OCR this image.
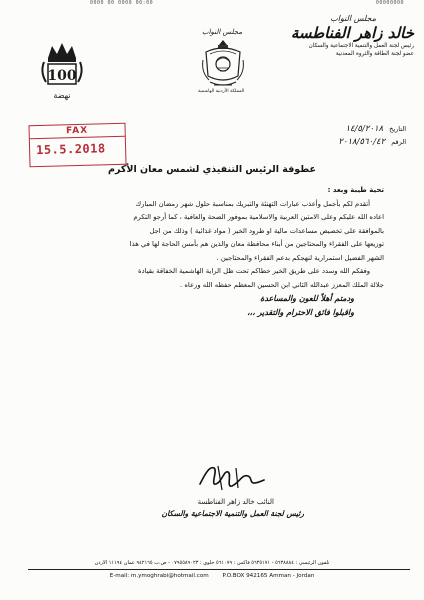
0000 00 0000 00:00	00000000
مجلس النواب
خالد زاهر الفناطسة
رئيس لجنة العمل والتنمية الاجتماعية والسكان
عضو لجنة الطاقة والثروة المعدنية
مجلس النواب
المملكة الأردنية الهاشمية
100
نهضة
التاريخ
١٤/٥/٢٠١٨
الرقم
٢٠١٨/٥٦٠/٤٢
FAX
15.5.2018
عطوفة الرئيس التنفيذي لشمس معان الأكرم

تحية طيبة وبعد :

أتقدم لكم بأجمل وأعذب عبارات التهنئة والتبريك بمناسبة حلول شهر رمضان المبارك

اعاده الله عليكم وعلى الامتين العربية والاسلامية بموفور الصحة والعافية ، كما أرجو التكرم

بالموافقة على تخصيص مساعدات مالية او طرود الخير ( مواد غذائية ) وذلك من اجل

توزيعها على الفقراء والمحتاجين من أبناء محافظة معان والذين هم بأمس الحاجة لها في هذا

الشهر الفضيل استمرارية لنهجكم بدعم الفقراء والمحتاجين .

وفقكم الله وسدد على طريق الخير خطاكم تحت ظل الراية الهاشمية الخفاقة بقيادة

جلالة الملك المعزز عبدالله الثاني ابن الحسين المعظم حفظه الله ورعاه .

ودمتم أهلاً للعون والمساعدة

واقبلوا فائق الاحترام والتقدير ،،،

النائب خالد زاهر الفناطسة
رئيس لجنة العمل والتنمية الاجتماعية والسكان
تلفون الرئيسي : ٥٦٣٨٨٨٤ - ٥٦٣٥١٧١ فاكس : ٥٦١٠٧٩ خلوي : ٠٧٩٥٥٨٩٠٢٣ - ص.ب ٩٤٢١٦٥ عمان ١١١٩٤ الاردن
E-mail: m.ymoghrabi@hotmail.com P.O.BOX 942165 Amman - Jordan
